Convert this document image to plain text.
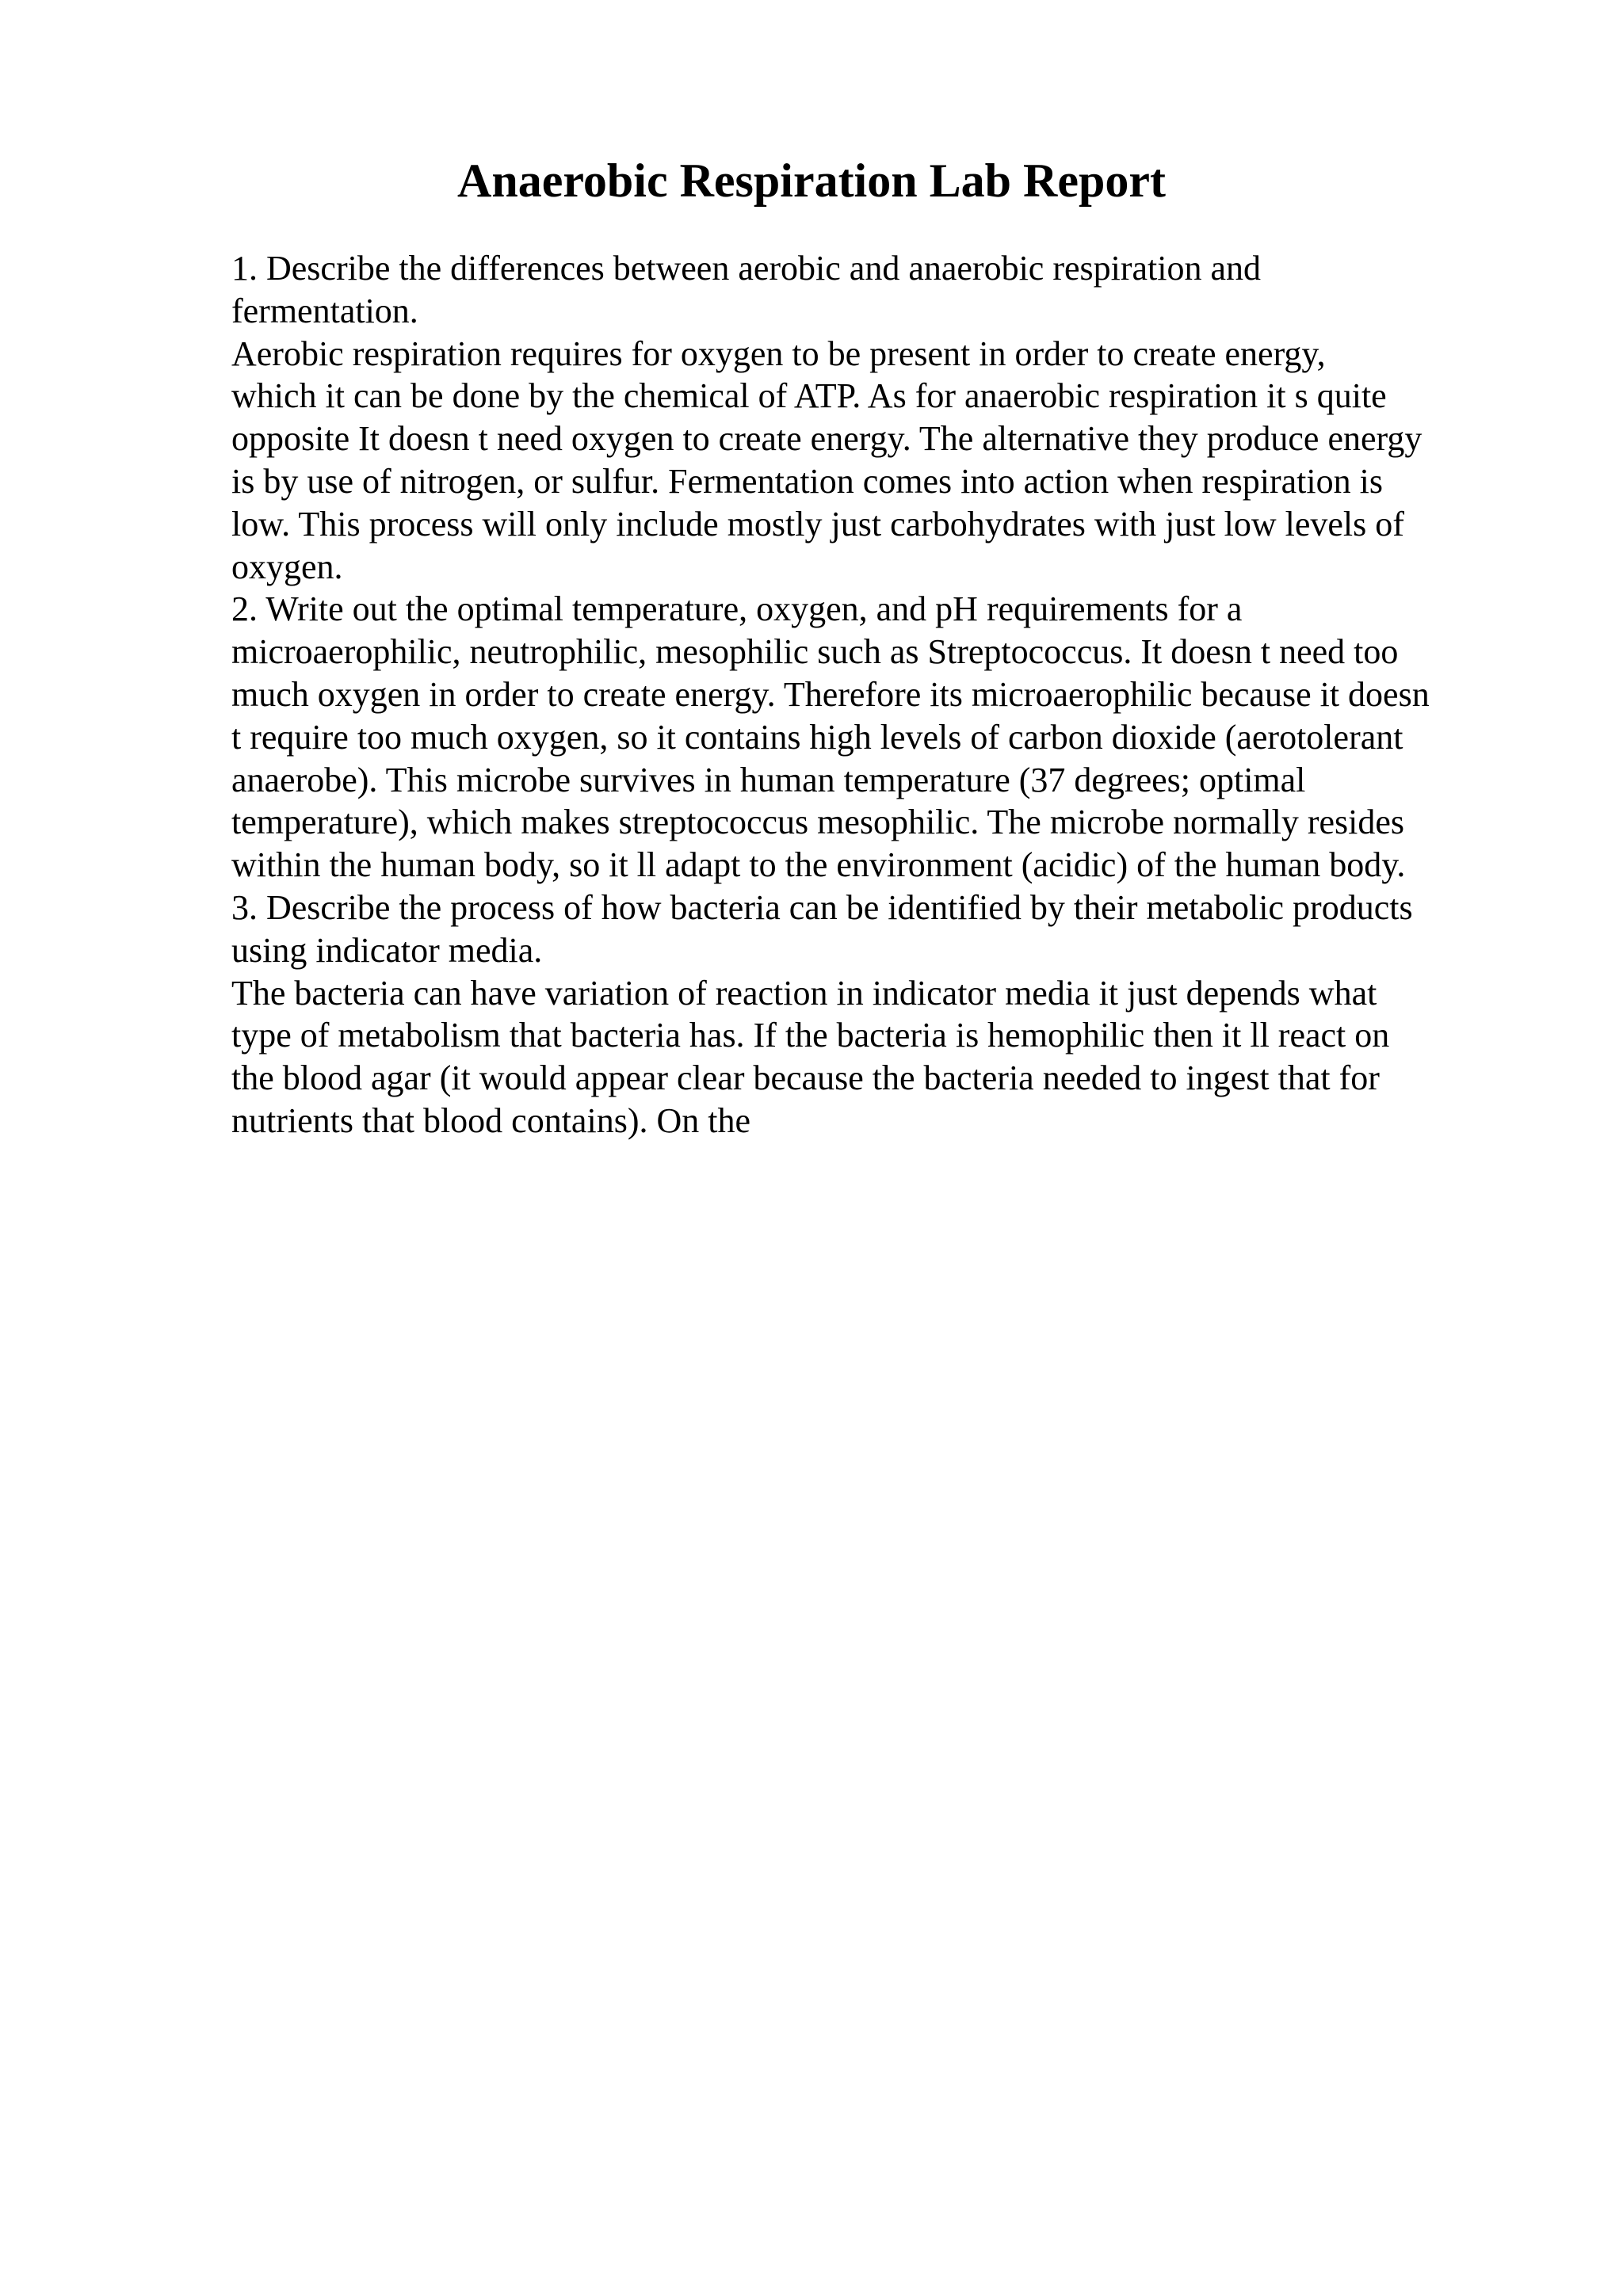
Anaerobic Respiration Lab Report
1. Describe the differences between aerobic and anaerobic respiration and
fermentation.
Aerobic respiration requires for oxygen to be present in order to create energy,
which it can be done by the chemical of ATP. As for anaerobic respiration it s quite
opposite It doesn t need oxygen to create energy. The alternative they produce energy
is by use of nitrogen, or sulfur. Fermentation comes into action when respiration is
low. This process will only include mostly just carbohydrates with just low levels of
oxygen.
2. Write out the optimal temperature, oxygen, and pH requirements for a
microaerophilic, neutrophilic, mesophilic such as Streptococcus. It doesn t need too
much oxygen in order to create energy. Therefore its microaerophilic because it doesn
t require too much oxygen, so it contains high levels of carbon dioxide (aerotolerant
anaerobe). This microbe survives in human temperature (37 degrees; optimal
temperature), which makes streptococcus mesophilic. The microbe normally resides
within the human body, so it ll adapt to the environment (acidic) of the human body.
3. Describe the process of how bacteria can be identified by their metabolic products
using indicator media.
The bacteria can have variation of reaction in indicator media it just depends what
type of metabolism that bacteria has. If the bacteria is hemophilic then it ll react on
the blood agar (it would appear clear because the bacteria needed to ingest that for
nutrients that blood contains). On the
